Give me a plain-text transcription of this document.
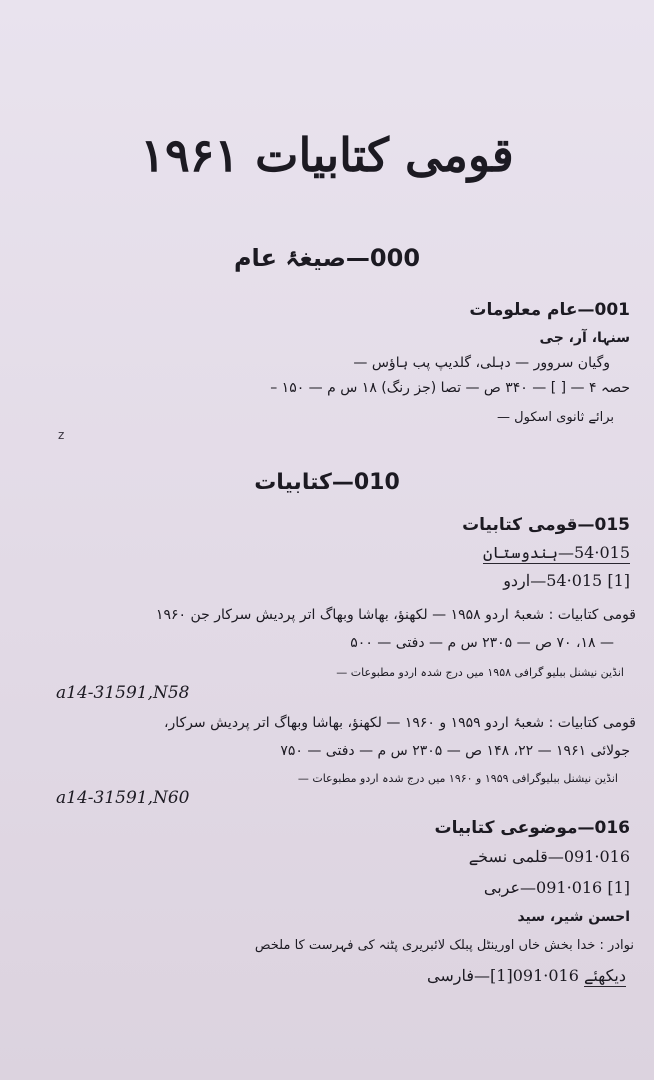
قومی کتابیات ۱۹۶۱
000—صیغۂ عام
001—عام معلومات
سنہا، آر، جی
وگیان سروور — دہلی، گلدیپ پب ہاؤس —
حصہ ۴ — [ ] — ۳۴۰ ص — تصا (جز رنگ) ۱۸ س م — ۱۵۰ –
برائے ثانوی اسکول —
z
010—کتابیات
015—قومی کتابیات
015·54—ہندوستان
[1] 015·54—اردو
قومی کتابیات : شعبۂ اردو ۱۹۵۸ — لکھنؤ، بھاشا وبھاگ اتر پردیش سرکار جن ۱۹۶۰
— ۱۸، ۷۰ ص — ۲۳۰۵ س م — دفتی — ۵۰۰
انڈین نیشنل ببلیو گرافی ۱۹۵۸ میں درج شدہ اردو مطبوعات —
a14-31591,N58
قومی کتابیات : شعبۂ اردو ۱۹۵۹ و ۱۹۶۰ — لکھنؤ، بھاشا وبھاگ اتر پردیش سرکار،
جولائی ۱۹۶۱ — ۲۲، ۱۴۸ ص — ۲۳۰۵ س م — دفتی — ۷۵۰
انڈین نیشنل ببلیوگرافی ۱۹۵۹ و ۱۹۶۰ میں درج شدہ اردو مطبوعات —
a14-31591,N60
016—موضوعی کتابیات
016·091—قلمی نسخے
[1] 016·091—عربی
احسن شیر، سید
نوادر : خدا بخش خاں اورینٹل پبلک لائبریری پٹنہ کی فہرست کا ملخص
دیکھئے 016·091[1]—فارسی
